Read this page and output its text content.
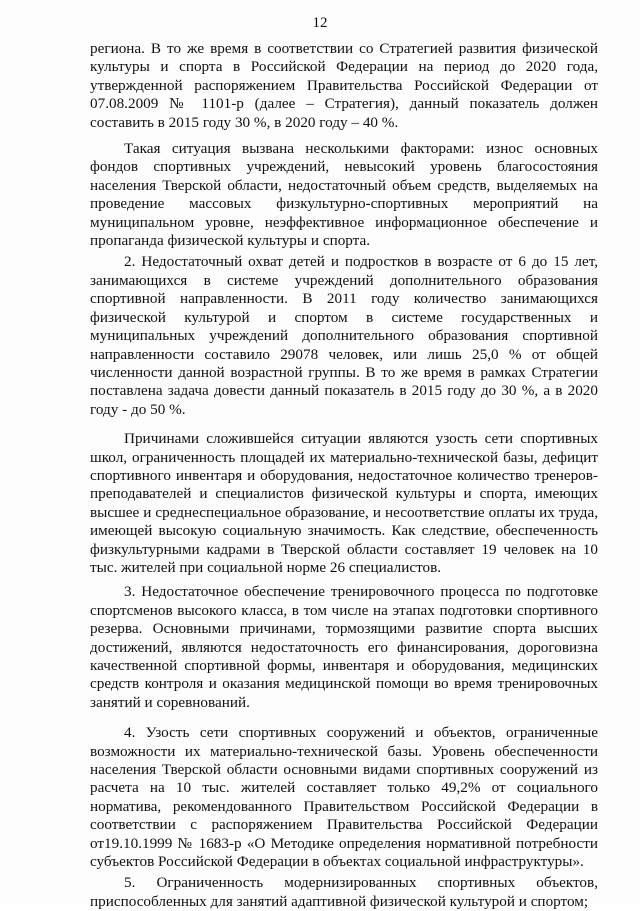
12

региона. В то же время в соответствии со Стратегией развития физической культуры и спорта в Российской Федерации на период до 2020 года, утвержденной распоряжением Правительства Российской Федерации от 07.08.2009 № 1101-р (далее – Стратегия), данный показатель должен составить в 2015 году 30 %, в 2020 году – 40 %.

Такая ситуация вызвана несколькими факторами: износ основных фондов спортивных учреждений, невысокий уровень благосостояния населения Тверской области, недостаточный объем средств, выделяемых на проведение массовых физкультурно-спортивных мероприятий на муниципальном уровне, неэффективное информационное обеспечение и пропаганда физической культуры и спорта.

2. Недостаточный охват детей и подростков в возрасте от 6 до 15 лет, занимающихся в системе учреждений дополнительного образования спортивной направленности. В 2011 году количество занимающихся физической культурой и спортом в системе государственных и муниципальных учреждений дополнительного образования спортивной направленности составило 29078 человек, или лишь 25,0 % от общей численности данной возрастной группы. В то же время в рамках Стратегии поставлена задача довести данный показатель в 2015 году до 30 %, а в 2020 году - до 50 %.

Причинами сложившейся ситуации являются узость сети спортивных школ, ограниченность площадей их материально-технической базы, дефицит спортивного инвентаря и оборудования, недостаточное количество тренеров-преподавателей и специалистов физической культуры и спорта, имеющих высшее и среднеспециальное образование, и несоответствие оплаты их труда, имеющей высокую социальную значимость. Как следствие, обеспеченность физкультурными кадрами в Тверской области составляет 19 человек на 10 тыс. жителей при социальной норме 26 специалистов.

3. Недостаточное обеспечение тренировочного процесса по подготовке спортсменов высокого класса, в том числе на этапах подготовки спортивного резерва. Основными причинами, тормозящими развитие спорта высших достижений, являются недостаточность его финансирования, дороговизна качественной спортивной формы, инвентаря и оборудования, медицинских средств контроля и оказания медицинской помощи во время тренировочных занятий и соревнований.

4. Узость сети спортивных сооружений и объектов, ограниченные возможности их материально-технической базы. Уровень обеспеченности населения Тверской области основными видами спортивных сооружений из расчета на 10 тыс. жителей составляет только 49,2% от социального норматива, рекомендованного Правительством Российской Федерации в соответствии с распоряжением Правительства Российской Федерации от19.10.1999 № 1683-р «О Методике определения нормативной потребности субъектов Российской Федерации в объектах социальной инфраструктуры».

5. Ограниченность модернизированных спортивных объектов, приспособленных для занятий адаптивной физической культурой и спортом;
